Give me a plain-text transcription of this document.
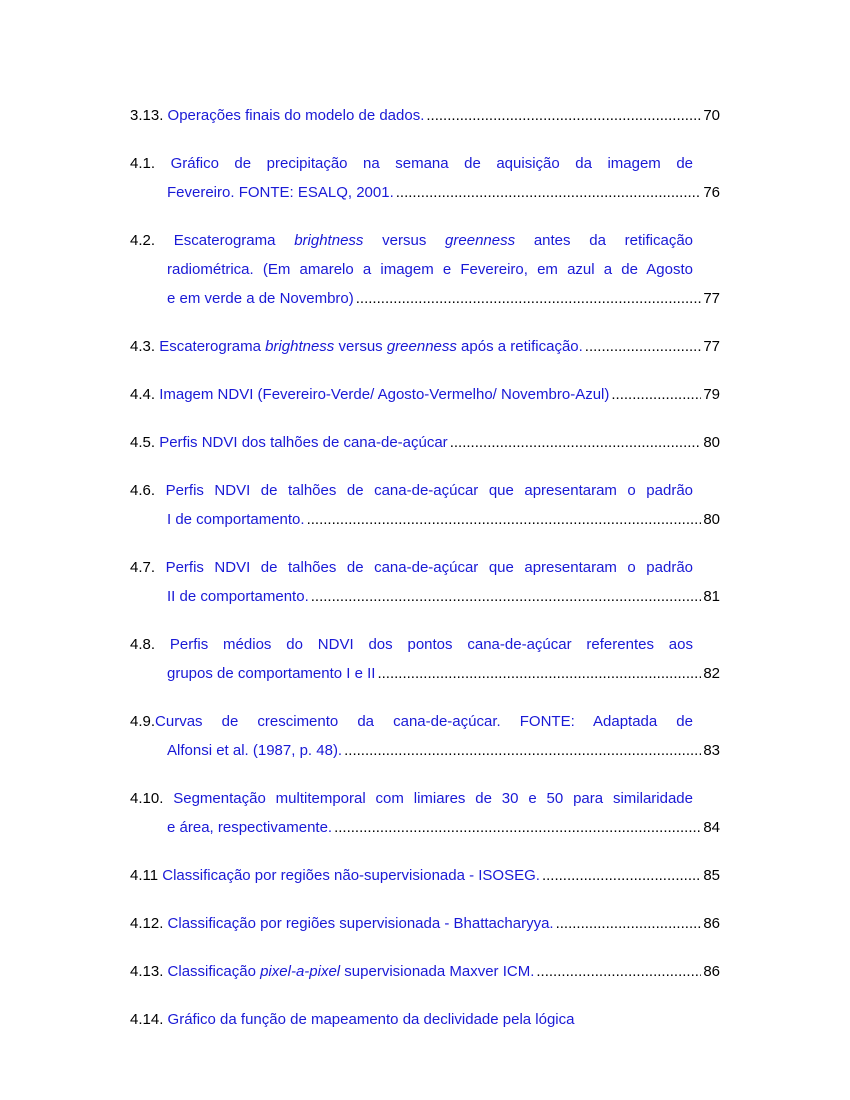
3.13. Operações finais do modelo de dados. .....	70
4.1. Gráfico de precipitação na semana de aquisição da imagem de
Fevereiro. FONTE: ESALQ, 2001. .....	76
4.2. Escaterograma brightness versus greenness antes da retificação
radiométrica. (Em amarelo a imagem e Fevereiro, em azul a de Agosto
e em verde a de Novembro) .....	77
4.3. Escaterograma brightness versus greenness após a retificação. .....	77
4.4. Imagem NDVI (Fevereiro-Verde/ Agosto-Vermelho/ Novembro-Azul) .....	79
4.5. Perfis NDVI dos talhões de cana-de-açúcar .....	80
4.6. Perfis NDVI de talhões de cana-de-açúcar que apresentaram o padrão
I de comportamento. .....	80
4.7. Perfis NDVI de talhões de cana-de-açúcar que apresentaram o padrão
II de comportamento. .....	81
4.8. Perfis médios do NDVI dos pontos cana-de-açúcar referentes aos
grupos de comportamento I e II .....	82
4.9.Curvas de crescimento da cana-de-açúcar. FONTE: Adaptada de
Alfonsi et al. (1987, p. 48). .....	83
4.10. Segmentação multitemporal com limiares de 30 e 50 para similaridade
e área, respectivamente. .....	84
4.11 Classificação por regiões não-supervisionada - ISOSEG. .....	85
4.12. Classificação por regiões supervisionada - Bhattacharyya. .....	86
4.13. Classificação pixel-a-pixel supervisionada Maxver ICM. .....	86
4.14. Gráfico da função de mapeamento da declividade pela lógica
